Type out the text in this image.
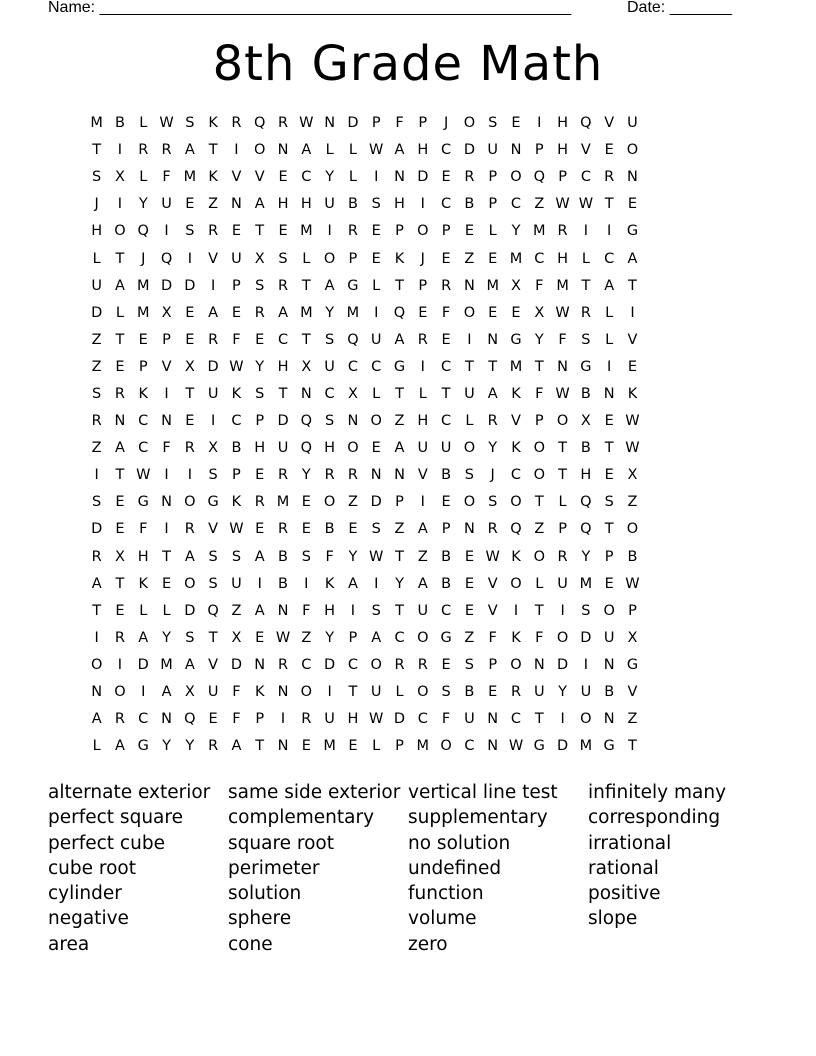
Name: _____________________________________________________	Date: _______
8th Grade Math
M B L W S K R Q R W N D P	F	P	J	O S E	I	H Q V U
T	I	R R A T	I	O N A L	L W A H C D U N P H V E O
S X L	F M K V V E C Y	L	I	N D E R P O Q P C R N
J	I	Y U E Z N A H H U B S H	I	C B P C Z W W T E
H O Q	I	S R E T E M	I	R E P O P E	L	Y M R	I	I	G
L	T	J	Q	I	V U X S	L O P E K	J	E Z E M C H L C A
U A M D D	I	P S R T A G L	T P R N M X F M T A T
D L M X E A E R A M Y M	I	Q E	F O E E X W R L	I
Z T E P E R F	E C T S Q U A R E	I	N G Y	F	S	L V
Z E P V X D W Y H X U C C G	I	C T T M T N G	I	E
S R K	I	T U K S T N C X L	T	L	T U A K F W B N K
R N C N E	I	C P D Q S N O Z H C L R V P O X E W
Z A C F R X B H U Q H O E A U U O Y K O T B T W
I	T W I	I	S P E R Y R R N N V B S	J	C O T H E X
S E G N O G K R M E O Z D P	I	E O S O T	L Q S Z
D E	F	I	R V W E R E B E S Z A P N R Q Z P Q T O
R X H T A S S A B S	F	Y W T Z B E W K O R Y P B
A T K E O S U	I	B	I	K A	I	Y A B E V O L U M E W
T E	L	L D Q Z A N F H	I	S T U C E V	I	T	I	S O P
I	R A Y S T X E W Z Y P A C O G Z F K F O D U X
O	I	D M A V D N R C D C O R R E S P O N D	I	N G
N O	I	A X U F K N O	I	T U L O S B E R U Y U B V
A R C N Q E	F	P	I	R U H W D C F U N C T	I	O N Z
L A G Y Y R A T N E M E	L	P M O C N W G D M G T
alternate exterior
perfect square
perfect cube
cube root
cylinder
negative
area
same side exterior
complementary
square root
perimeter
solution
sphere
cone
vertical line test
supplementary
no solution
undefined
function
volume
zero
infinitely many
corresponding
irrational
rational
positive
slope
